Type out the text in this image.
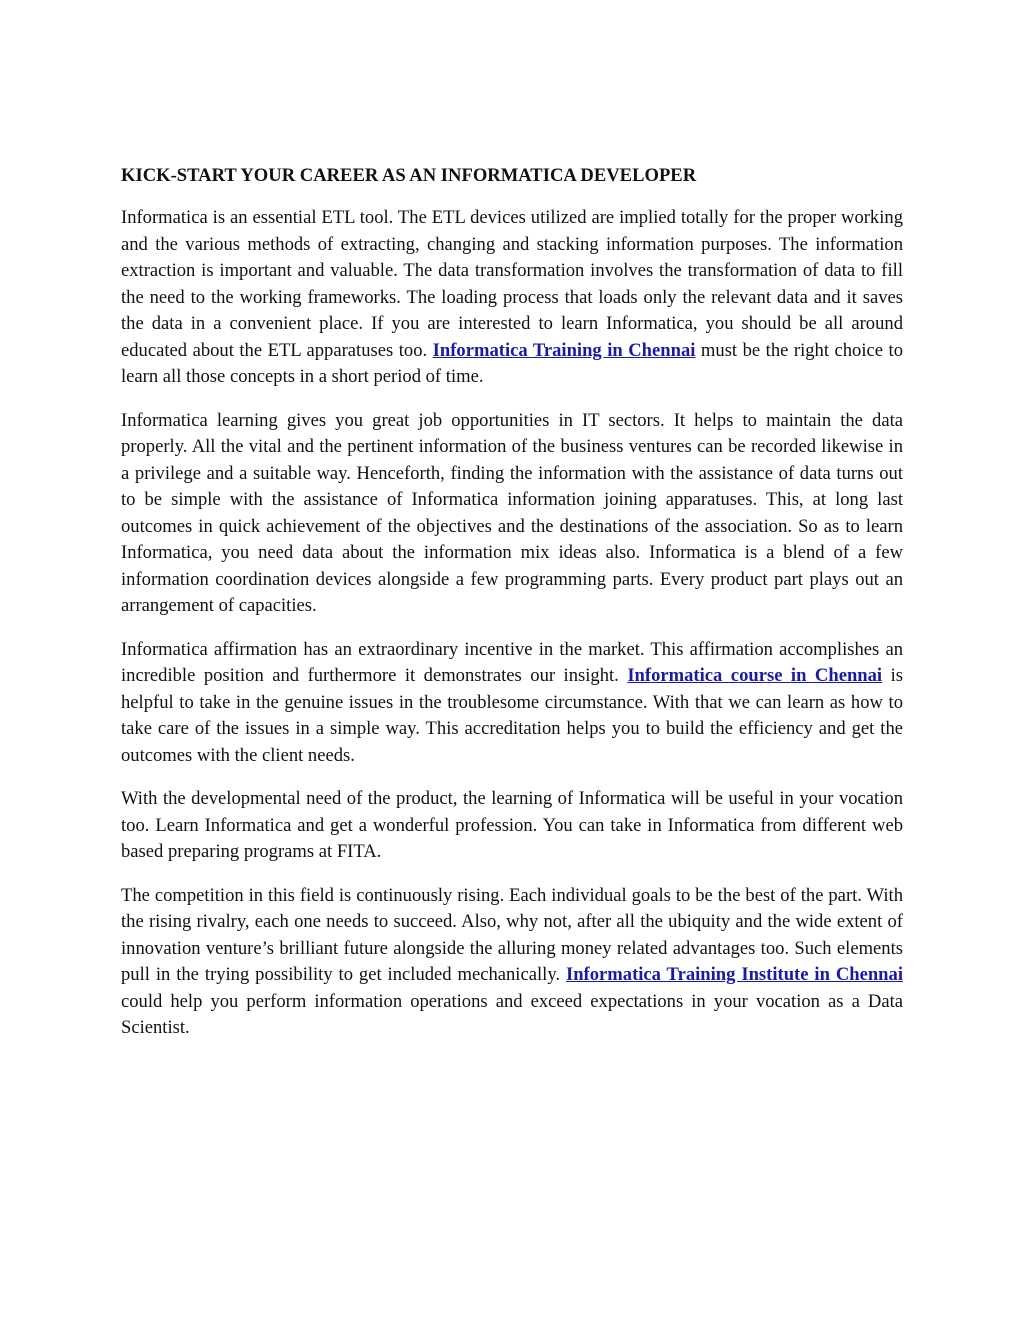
KICK-START YOUR CAREER AS AN INFORMATICA DEVELOPER

Informatica is an essential ETL tool. The ETL devices utilized are implied totally for the proper working and the various methods of extracting, changing and stacking information purposes. The information extraction is important and valuable. The data transformation involves the transformation of data to fill the need to the working frameworks. The loading process that loads only the relevant data and it saves the data in a convenient place. If you are interested to learn Informatica, you should be all around educated about the ETL apparatuses too. Informatica Training in Chennai must be the right choice to learn all those concepts in a short period of time.

Informatica learning gives you great job opportunities in IT sectors. It helps to maintain the data properly. All the vital and the pertinent information of the business ventures can be recorded likewise in a privilege and a suitable way. Henceforth, finding the information with the assistance of data turns out to be simple with the assistance of Informatica information joining apparatuses. This, at long last outcomes in quick achievement of the objectives and the destinations of the association. So as to learn Informatica, you need data about the information mix ideas also. Informatica is a blend of a few information coordination devices alongside a few programming parts. Every product part plays out an arrangement of capacities.

Informatica affirmation has an extraordinary incentive in the market. This affirmation accomplishes an incredible position and furthermore it demonstrates our insight. Informatica course in Chennai is helpful to take in the genuine issues in the troublesome circumstance. With that we can learn as how to take care of the issues in a simple way. This accreditation helps you to build the efficiency and get the outcomes with the client needs.

With the developmental need of the product, the learning of Informatica will be useful in your vocation too. Learn Informatica and get a wonderful profession. You can take in Informatica from different web based preparing programs at FITA.

The competition in this field is continuously rising. Each individual goals to be the best of the part. With the rising rivalry, each one needs to succeed. Also, why not, after all the ubiquity and the wide extent of innovation venture’s brilliant future alongside the alluring money related advantages too. Such elements pull in the trying possibility to get included mechanically. Informatica Training Institute in Chennai could help you perform information operations and exceed expectations in your vocation as a Data Scientist.
